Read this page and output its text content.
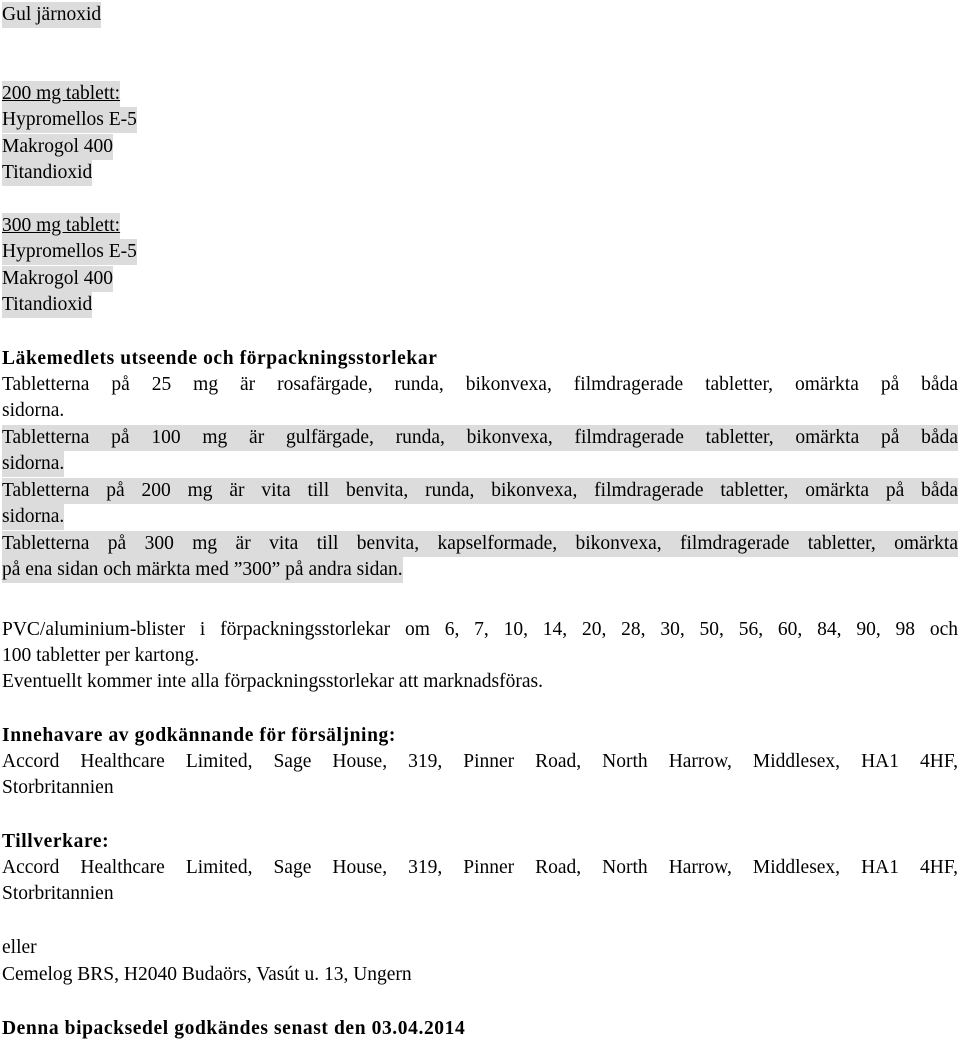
Gul järnoxid
200 mg tablett:
Hypromellos E-5
Makrogol 400
Titandioxid
300 mg tablett:
Hypromellos E-5
Makrogol 400
Titandioxid
Läkemedlets utseende och förpackningsstorlekar
Tabletterna på 25 mg är rosafärgade, runda, bikonvexa, filmdragerade tabletter, omärkta på båda
sidorna.
Tabletterna på 100 mg är gulfärgade, runda, bikonvexa, filmdragerade tabletter, omärkta på båda
sidorna.
Tabletterna på 200 mg är vita till benvita, runda, bikonvexa, filmdragerade tabletter, omärkta på båda
sidorna.
Tabletterna på 300 mg är vita till benvita, kapselformade, bikonvexa, filmdragerade tabletter, omärkta
på ena sidan och märkta med ”300” på andra sidan.
PVC/aluminium-blister i förpackningsstorlekar om 6, 7, 10, 14, 20, 28, 30, 50, 56, 60, 84, 90, 98 och
100 tabletter per kartong.
Eventuellt kommer inte alla förpackningsstorlekar att marknadsföras.
Innehavare av godkännande för försäljning:
Accord Healthcare Limited, Sage House, 319, Pinner Road, North Harrow, Middlesex, HA1 4HF,
Storbritannien
Tillverkare:
Accord Healthcare Limited, Sage House, 319, Pinner Road, North Harrow, Middlesex, HA1 4HF,
Storbritannien
eller
Cemelog BRS, H2040 Budaörs, Vasút u. 13, Ungern
Denna bipacksedel godkändes senast den 03.04.2014
